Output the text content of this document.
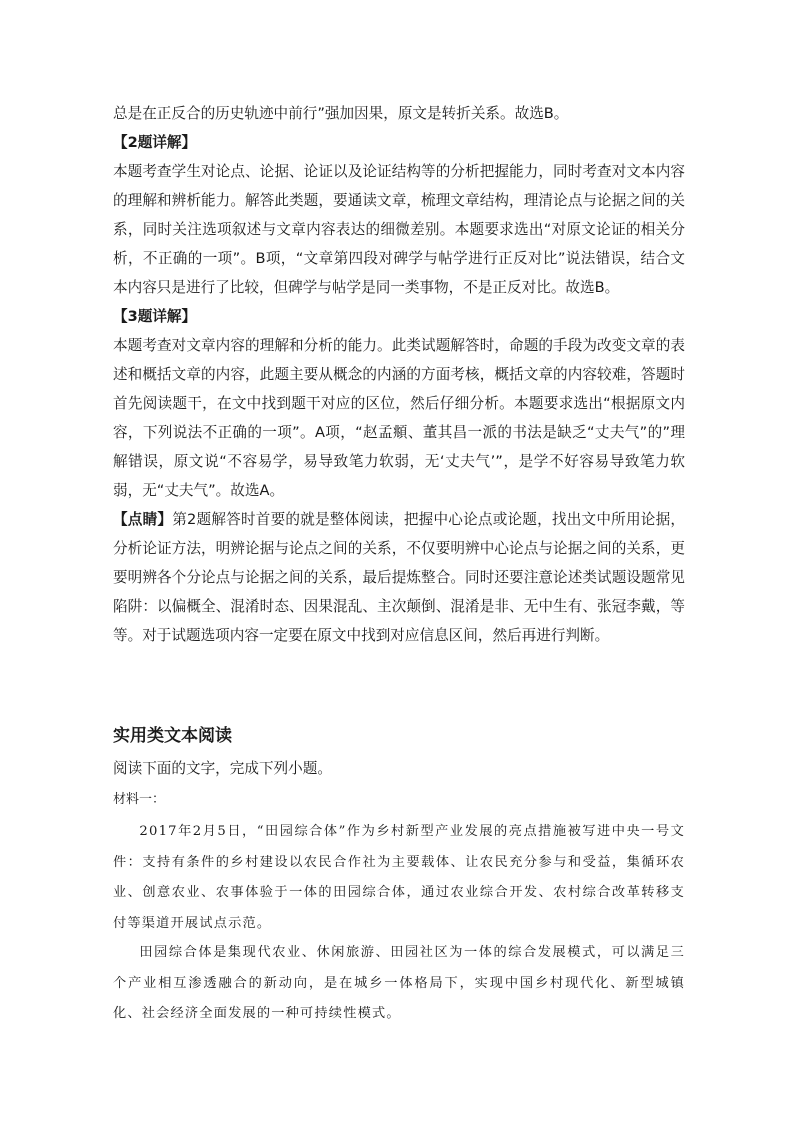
总是在正反合的历史轨迹中前行”强加因果，原文是转折关系。故选B。

【2题详解】

本题考查学生对论点、论据、论证以及论证结构等的分析把握能力，同时考查对文本内容的理解和辨析能力。解答此类题，要通读文章，梳理文章结构，理清论点与论据之间的关系，同时关注选项叙述与文章内容表达的细微差别。本题要求选出“对原文论证的相关分析，不正确的一项”。B项，“文章第四段对碑学与帖学进行正反对比”说法错误，结合文本内容只是进行了比较，但碑学与帖学是同一类事物，不是正反对比。故选B。

【3题详解】

本题考查对文章内容的理解和分析的能力。此类试题解答时，命题的手段为改变文章的表述和概括文章的内容，此题主要从概念的内涵的方面考核，概括文章的内容较难，答题时首先阅读题干，在文中找到题干对应的区位，然后仔细分析。本题要求选出“根据原文内容，下列说法不正确的一项”。A项，“赵孟頫、董其昌一派的书法是缺乏“丈夫气”的”理解错误，原文说“不容易学，易导致笔力软弱，无‘丈夫气’”，是学不好容易导致笔力软弱，无“丈夫气”。故选A。

【点睛】第2题解答时首要的就是整体阅读，把握中心论点或论题，找出文中所用论据，分析论证方法，明辨论据与论点之间的关系，不仅要明辨中心论点与论据之间的关系，更要明辨各个分论点与论据之间的关系，最后提炼整合。同时还要注意论述类试题设题常见陷阱：以偏概全、混淆时态、因果混乱、主次颠倒、混淆是非、无中生有、张冠李戴，等等。对于试题选项内容一定要在原文中找到对应信息区间，然后再进行判断。

实用类文本阅读

阅读下面的文字，完成下列小题。

材料一：

2017年2月5日，“田园综合体”作为乡村新型产业发展的亮点措施被写进中央一号文件：支持有条件的乡村建设以农民合作社为主要载体、让农民充分参与和受益，集循环农业、创意农业、农事体验于一体的田园综合体，通过农业综合开发、农村综合改革转移支付等渠道开展试点示范。

田园综合体是集现代农业、休闲旅游、田园社区为一体的综合发展模式，可以满足三个产业相互渗透融合的新动向，是在城乡一体格局下，实现中国乡村现代化、新型城镇化、社会经济全面发展的一种可持续性模式。
